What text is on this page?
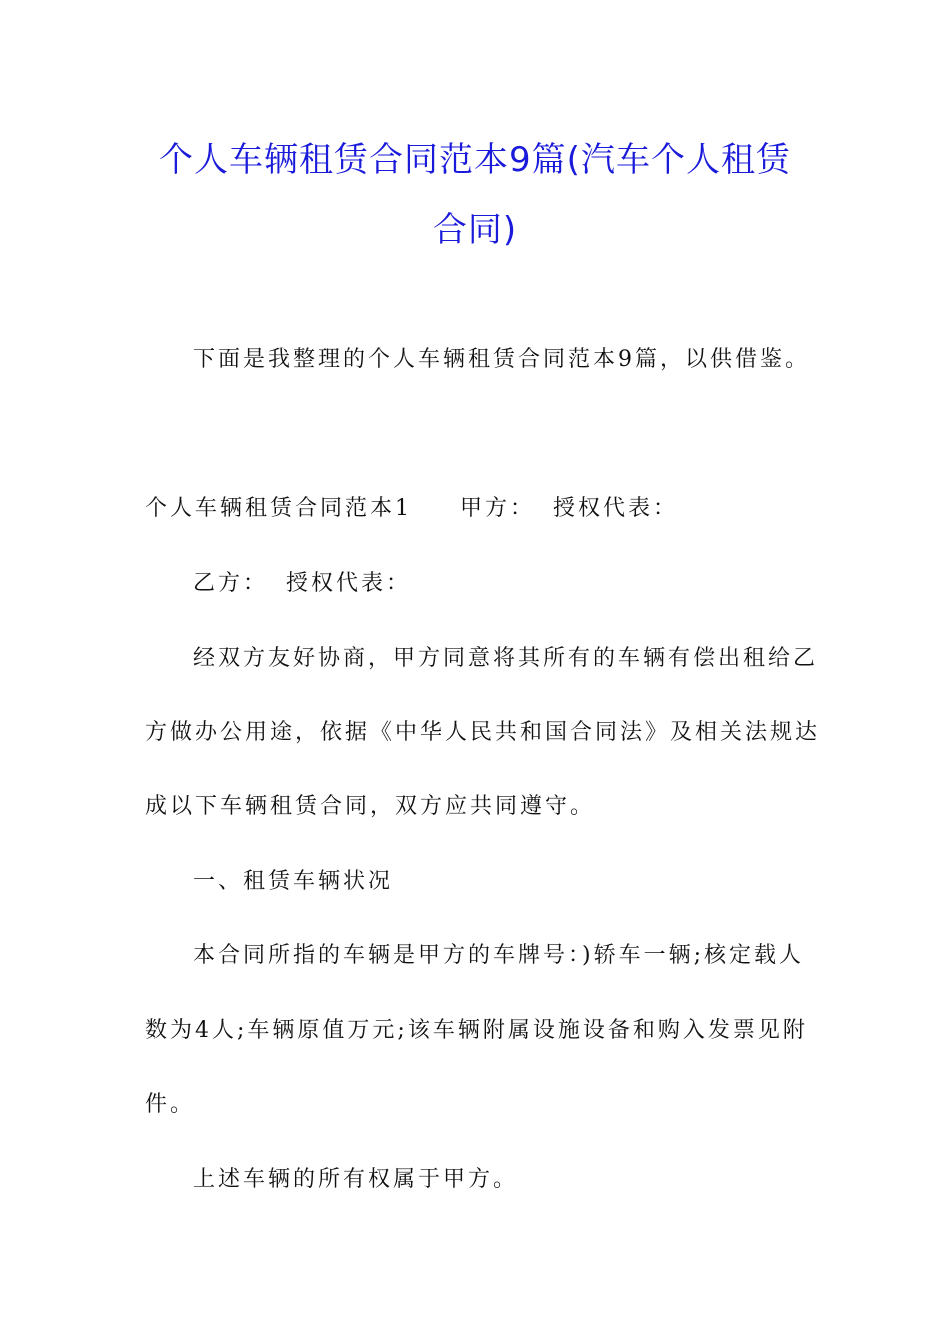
个人车辆租赁合同范本9篇(汽车个人租赁
合同)
下面是我整理的个人车辆租赁合同范本9篇，以供借鉴。
个人车辆租赁合同范本1 甲方： 授权代表：
乙方： 授权代表：
经双方友好协商，甲方同意将其所有的车辆有偿出租给乙
方做办公用途，依据《中华人民共和国合同法》及相关法规达
成以下车辆租赁合同，双方应共同遵守。
一、租赁车辆状况
本合同所指的车辆是甲方的车牌号：)轿车一辆;核定载人
数为4人;车辆原值万元;该车辆附属设施设备和购入发票见附
件。
上述车辆的所有权属于甲方。
